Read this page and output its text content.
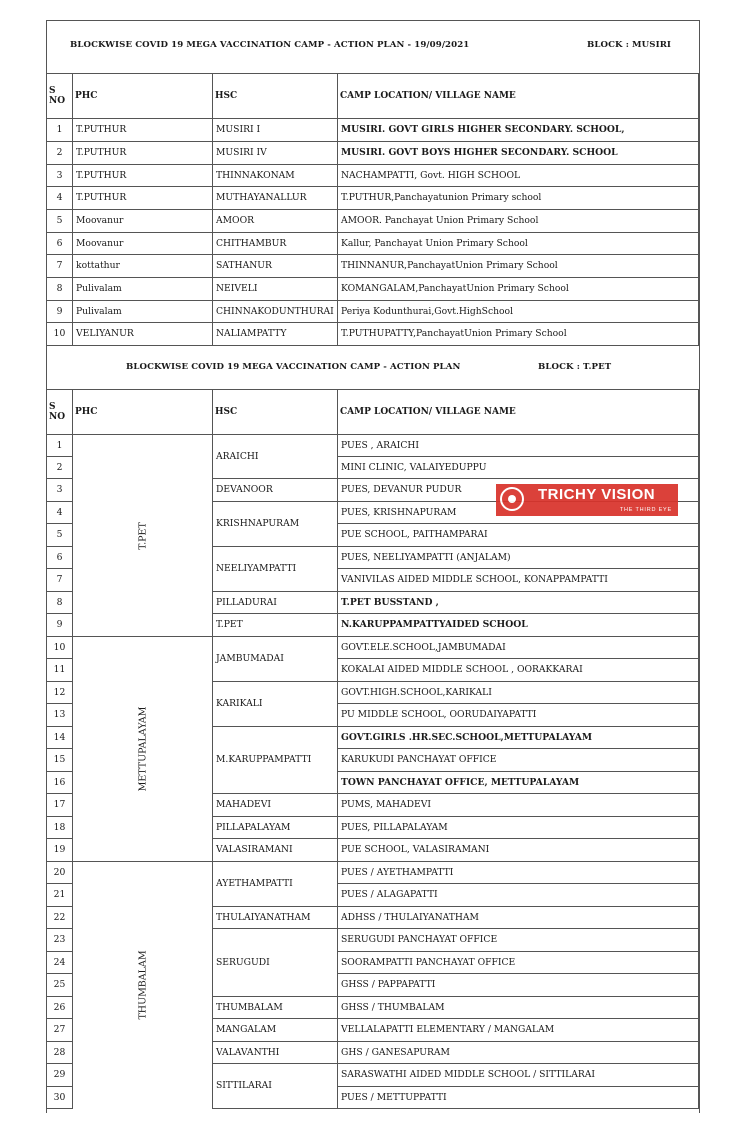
BLOCKWISE COVID 19 MEGA VACCINATION CAMP - ACTION PLAN - 19/09/2021	BLOCK : MUSIRI
S NO	PHC	HSC	CAMP LOCATION/ VILLAGE NAME
1	T.PUTHUR	MUSIRI I	MUSIRI. GOVT GIRLS HIGHER SECONDARY. SCHOOL,
2	T.PUTHUR	MUSIRI IV	MUSIRI. GOVT BOYS HIGHER SECONDARY. SCHOOL
3	T.PUTHUR	THINNAKONAM	NACHAMPATTI, Govt. HIGH SCHOOL
4	T.PUTHUR	MUTHAYANALLUR	T.PUTHUR,Panchayatunion Primary school
5	Moovanur	AMOOR	AMOOR. Panchayat Union Primary School
6	Moovanur	CHITHAMBUR	Kallur, Panchayat Union Primary School
7	kottathur	SATHANUR	THINNANUR,PanchayatUnion Primary School
8	Pulivalam	NEIVELI	KOMANGALAM,PanchayatUnion Primary School
9	Pulivalam	CHINNAKODUNTHURAI	Periya Kodunthurai,Govt.HighSchool
10	VELIYANUR	NALIAMPATTY	T.PUTHUPATTY,PanchayatUnion Primary School
BLOCKWISE COVID 19 MEGA VACCINATION CAMP - ACTION PLAN	BLOCK : T.PET
S NO	PHC	HSC	CAMP LOCATION/ VILLAGE NAME
1	T.PET	ARAICHI	PUES , ARAICHI
2			MINI CLINIC, VALAIYEDUPPU
3		DEVANOOR	PUES, DEVANUR PUDUR
4		KRISHNAPURAM	PUES, KRISHNAPURAM
5			PUE SCHOOL, PAITHAMPARAI
6		NEELIYAMPATTI	PUES, NEELIYAMPATTI (ANJALAM)
7			VANIVILAS AIDED MIDDLE SCHOOL, KONAPPAMPATTI
8		PILLADURAI	T.PET BUSSTAND ,
9		T.PET	N.KARUPPAMPATTYAIDED SCHOOL
10	METTUPALAYAM	JAMBUMADAI	GOVT.ELE.SCHOOL,JAMBUMADAI
11			KOKALAI AIDED MIDDLE SCHOOL , OORAKKARAI
12		KARIKALI	GOVT.HIGH.SCHOOL,KARIKALI
13			PU MIDDLE SCHOOL, OORUDAIYAPATTI
14		M.KARUPPAMPATTI	GOVT.GIRLS .HR.SEC.SCHOOL,METTUPALAYAM
15			KARUKUDI PANCHAYAT OFFICE
16			TOWN PANCHAYAT OFFICE, METTUPALAYAM
17		MAHADEVI	PUMS, MAHADEVI
18		PILLAPALAYAM	PUES, PILLAPALAYAM
19		VALASIRAMANI	PUE SCHOOL, VALASIRAMANI
20	THUMBALAM	AYETHAMPATTI	PUES / AYETHAMPATTI
21			PUES / ALAGAPATTI
22		THULAIYANATHAM	ADHSS / THULAIYANATHAM
23		SERUGUDI	SERUGUDI PANCHAYAT OFFICE
24			SOORAMPATTI PANCHAYAT OFFICE
25			GHSS / PAPPAPATTI
26		THUMBALAM	GHSS / THUMBALAM
27		MANGALAM	VELLALAPATTI ELEMENTARY / MANGALAM
28		VALAVANTHI	GHS / GANESAPURAM
29		SITTILARAI	SARASWATHI AIDED MIDDLE SCHOOL / SITTILARAI
30			PUES / METTUPPATTI
TRICHY VISION
THE THIRD EYE
